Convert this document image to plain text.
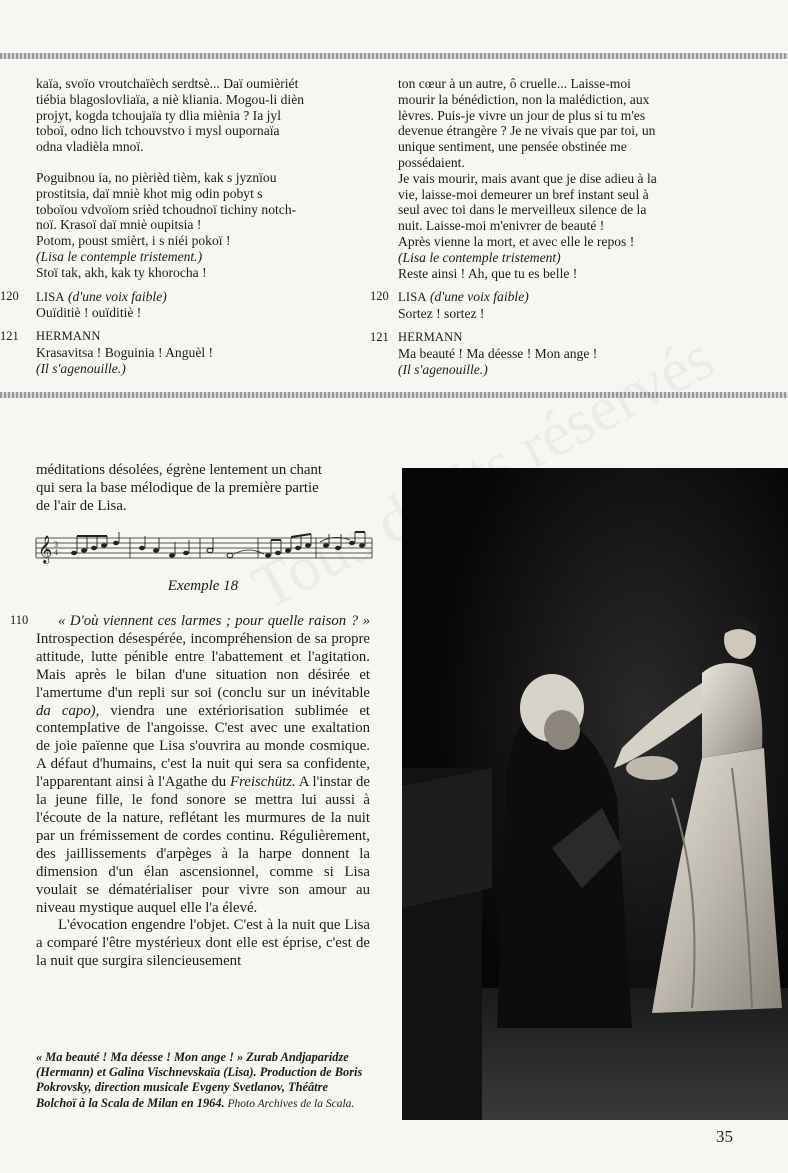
kaïa, svoïo vroutchaïèch serdtsè... Daï oumièriét

tiébia blagoslovliaïa, a niè kliania. Mogou-li dièn

projyt, kogda tchoujaïa ty dlia miènia ? Ia jyl

toboï, odno lich tchouvstvo i mysl oupornaïa

odna vladièla mnoï.

Poguibnou ia, no pièrièd tièm, kak s jyznïou

prostitsia, daï mniè khot mig odin pobyt s

toboïou vdvoïom srièd tchoudnoï tichiny notch-

noï. Krasoï daï mniè oupitsia !

Potom, poust smièrt, i s niéi pokoï !

(Lisa le contemple tristement.)

Stoï tak, akh, kak ty khorocha !

120	LISA (d'une voix faible)

Ouïditiè ! ouïditiè !

121	HERMANN

Krasavitsa ! Boguinia ! Anguèl !

(Il s'agenouille.)

ton cœur à un autre, ô cruelle... Laisse-moi

mourir la bénédiction, non la malédiction, aux

lèvres. Puis-je vivre un jour de plus si tu m'es

devenue étrangère ? Je ne vivais que par toi, un

unique sentiment, une pensée obstinée me

possédaient.

Je vais mourir, mais avant que je dise adieu à la

vie, laisse-moi demeurer un bref instant seul à

seul avec toi dans le merveilleux silence de la

nuit. Laisse-moi m'enivrer de beauté !

Après vienne la mort, et avec elle le repos !

(Lisa le contemple tristement)

Reste ainsi ! Ah, que tu es belle !

120 LISA (d'une voix faible)

Sortez ! sortez !

121 HERMANN

Ma beauté ! Ma déesse ! Mon ange !

(Il s'agenouille.)

méditations désolées, égrène lentement un chant

qui sera la base mélodique de la première partie

de l'air de Lisa.

𝄞 3
4
Exemple 18
110	« D'où viennent ces larmes ; pour quelle raison ? » Introspection désespérée, incompréhension de sa propre attitude, lutte pénible entre l'abattement et l'agitation. Mais après le bilan d'une situation non désirée et l'amertume d'un repli sur soi (conclu sur un inévitable da capo), viendra une extériorisation sublimée et contemplative de l'angoisse. C'est avec une exaltation de joie païenne que Lisa s'ouvrira au monde cosmique. A défaut d'humains, c'est la nuit qui sera sa confidente, l'apparentant ainsi à l'Agathe du Freischütz. A l'instar de la jeune fille, le fond sonore se mettra lui aussi à l'écoute de la nature, reflétant les murmures de la nuit par un frémissement de cordes continu. Régulièrement, des jaillissements d'arpèges à la harpe donnent la dimension d'un élan ascensionnel, comme si Lisa voulait se dématérialiser pour vivre son amour au niveau mystique auquel elle l'a élevé.

L'évocation engendre l'objet. C'est à la nuit que Lisa a comparé l'être mystérieux dont elle est éprise, c'est de la nuit que surgira silencieusement

« Ma beauté ! Ma déesse ! Mon ange ! » Zurab Andjaparidze (Hermann) et Galina Vischnevskaïa (Lisa). Production de Boris Pokrovsky, direction musicale Evgeny Svetlanov, Théâtre Bolchoï à la Scala de Milan en 1964. Photo Archives de la Scala.
35
